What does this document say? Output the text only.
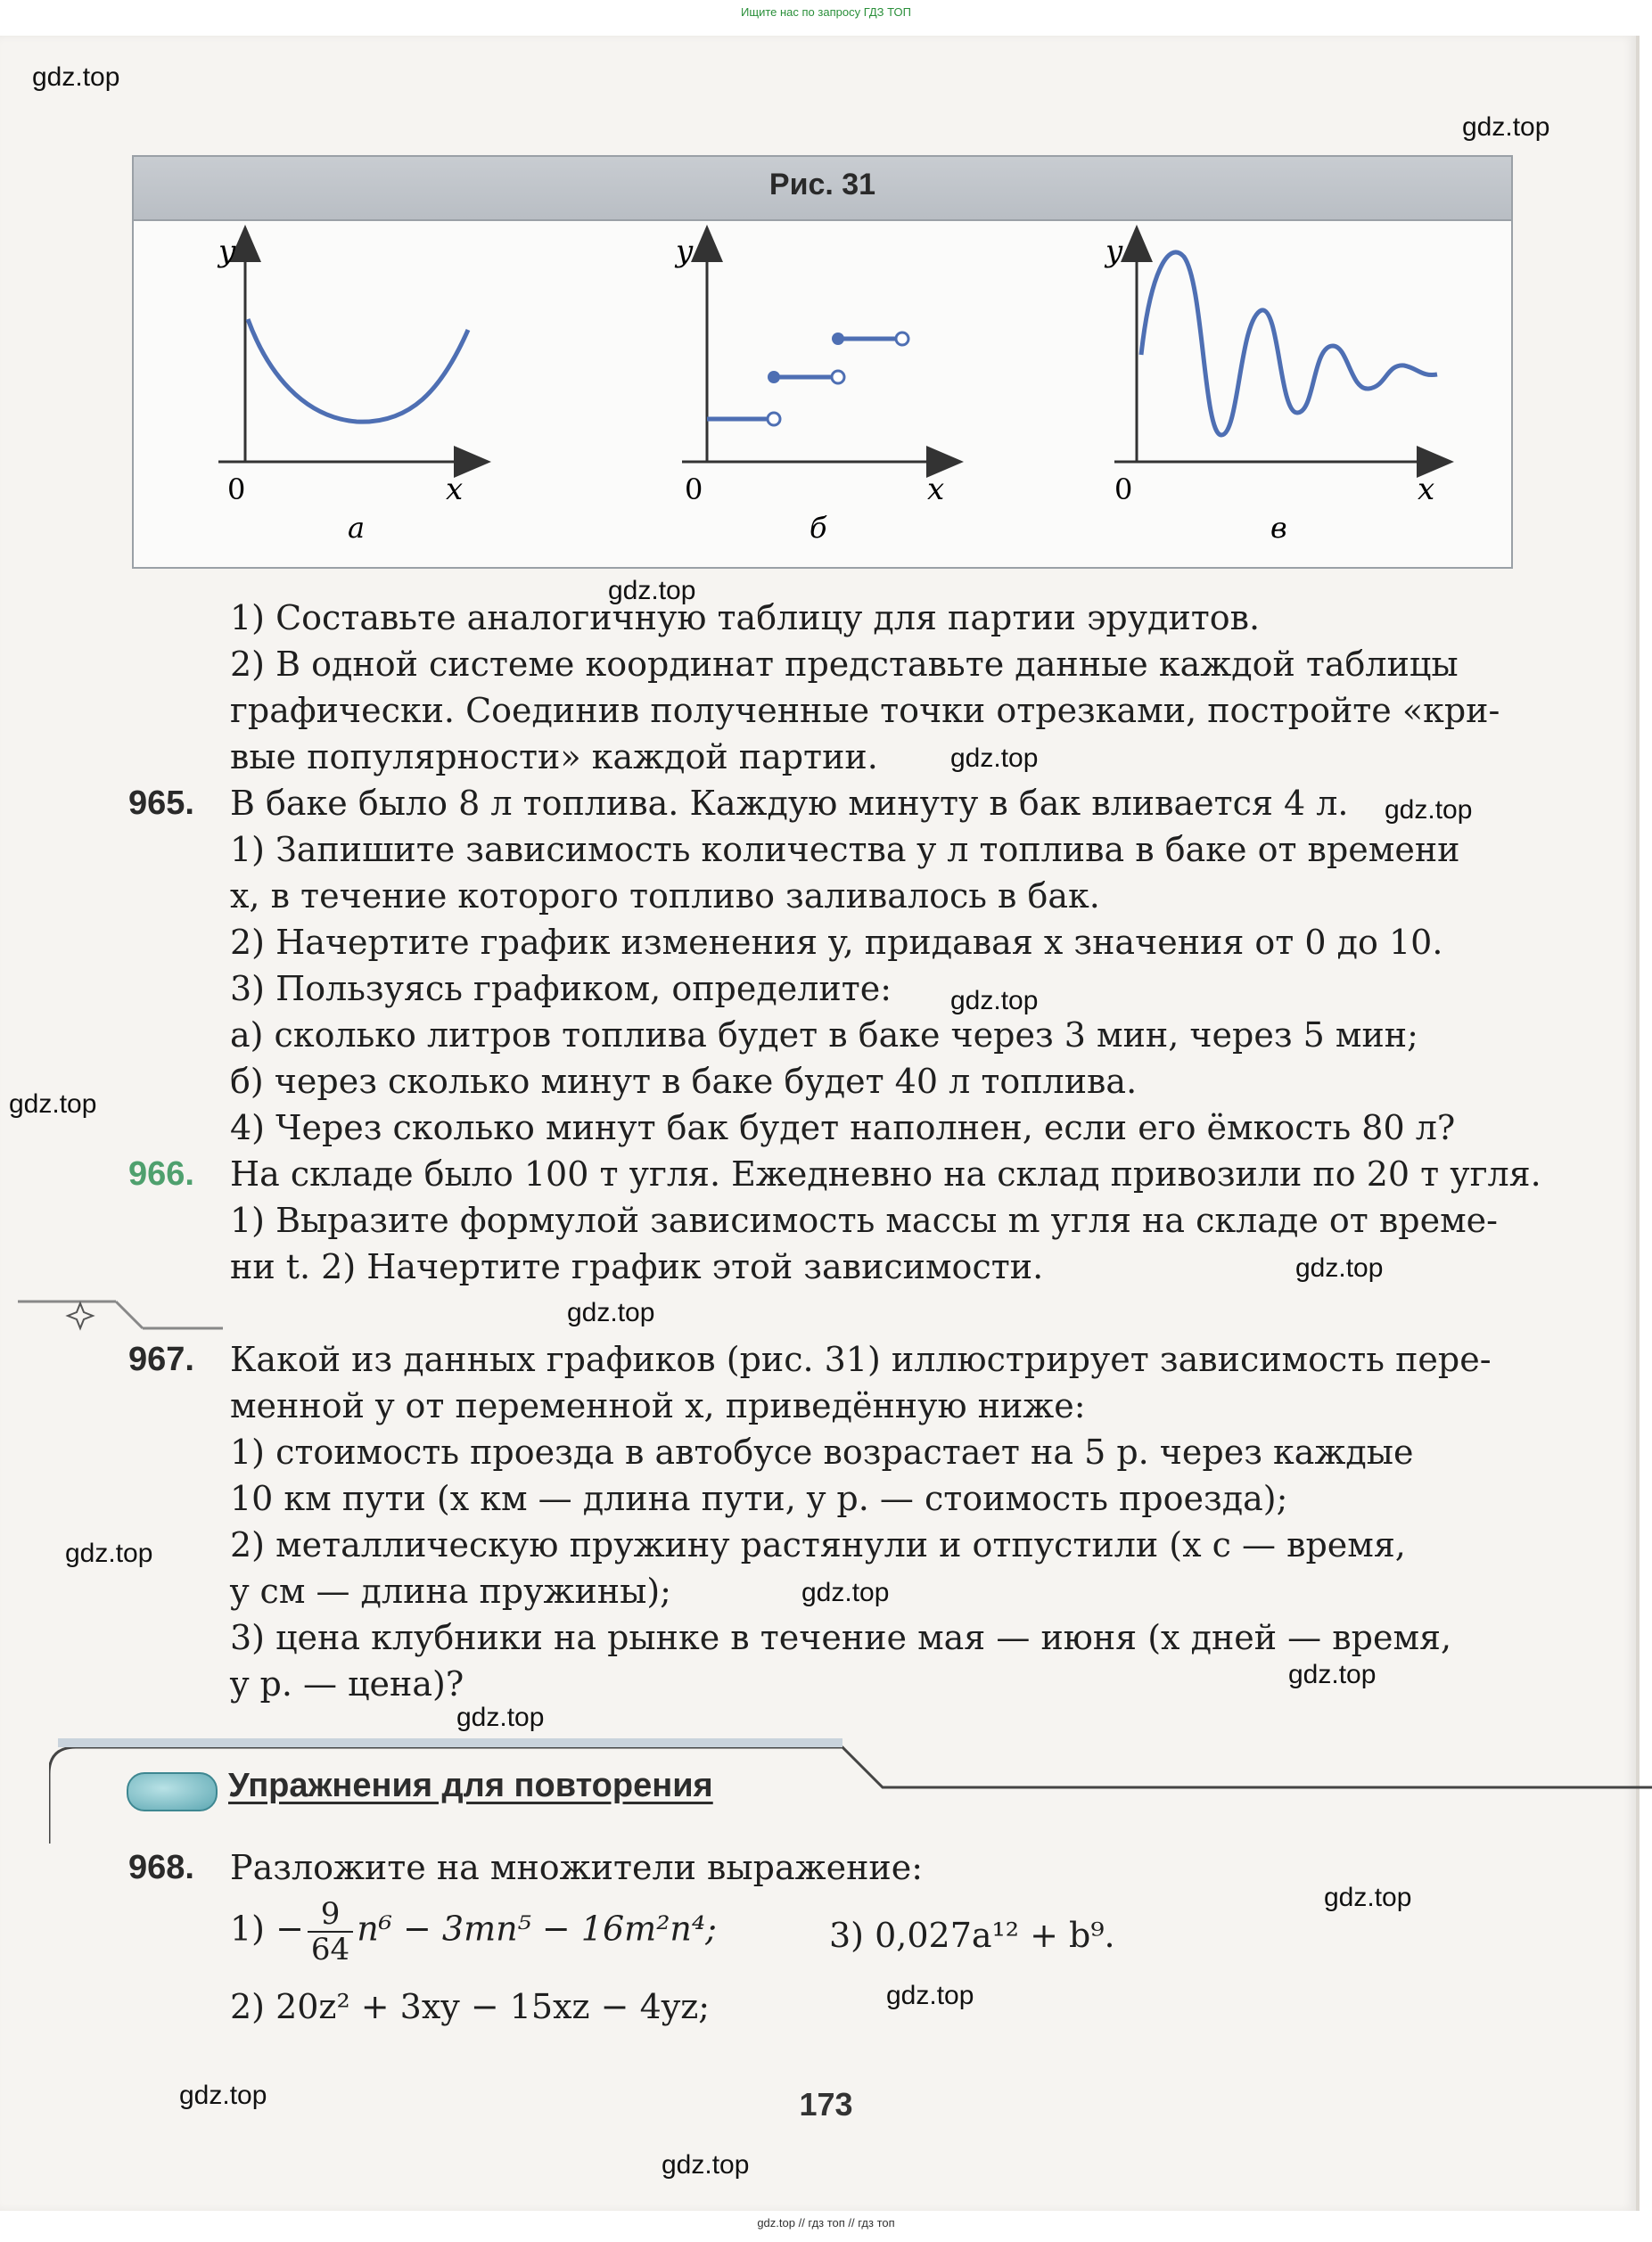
Ищите нас по запросу ГДЗ ТОП
gdz.top
gdz.top
gdz.top
gdz.top
gdz.top
gdz.top
gdz.top
gdz.top
gdz.top
gdz.top
gdz.top
gdz.top
gdz.top
gdz.top
gdz.top
gdz.top
gdz.top
Рис. 31
y
x
0
а
y
x
0
б
y
x
0
в
1) Составьте аналогичную таблицу для партии эрудитов.
2) В одной системе координат представьте данные каждой таблицы
графически. Соединив полученные точки отрезками, постройте «кри-
вые популярности» каждой партии.
965. В баке было 8 л топлива. Каждую минуту в бак вливается 4 л.
1) Запишите зависимость количества y л топлива в баке от времени
x, в течение которого топливо заливалось в бак.
2) Начертите график изменения y, придавая x значения от 0 до 10.
3) Пользуясь графиком, определите:
а) сколько литров топлива будет в баке через 3 мин, через 5 мин;
б) через сколько минут в баке будет 40 л топлива.
4) Через сколько минут бак будет наполнен, если его ёмкость 80 л?
966. На складе было 100 т угля. Ежедневно на склад привозили по 20 т угля.
1) Выразите формулой зависимость массы m угля на складе от време-
ни t. 2) Начертите график этой зависимости.
967. Какой из данных графиков (рис. 31) иллюстрирует зависимость пере-
менной y от переменной x, приведённую ниже:
1) стоимость проезда в автобусе возрастает на 5 р. через каждые
10 км пути (x км — длина пути, y р. — стоимость проезда);
2) металлическую пружину растянули и отпустили (x с — время,
y см — длина пружины);
3) цена клубники на рынке в течение мая — июня (x дней — время,
y р. — цена)?
Упражнения для повторения
968. Разложите на множители выражение:
$1) - \frac{9}{64} n^6 - 3mn^5 - 16m^2n^4$;	3) 0,027a¹² + b⁹.
2) 20z² + 3xy − 15xz − 4yz;
173
gdz.top // гдз топ // гдз топ
